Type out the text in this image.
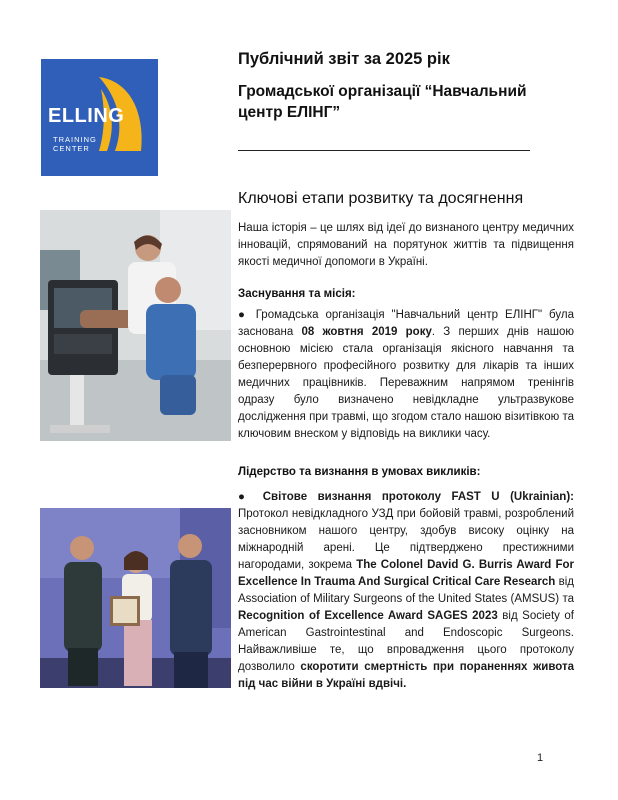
ELLING
TRAINING
CENTER
Публічний звіт за 2025 рік
Громадської організації “Навчальний центр ЕЛІНГ”
Ключові етапи розвитку та досягнення
Наша історія – це шлях від ідеї до визнаного центру медичних інновацій, спрямований на порятунок життів та підвищення якості медичної допомоги в Україні.
Заснування та місія:
● Громадська організація "Навчальний центр ЕЛІНГ" була заснована 08 жовтня 2019 року. З перших днів нашою основною місією стала організація якісного навчання та безперервного професійного розвитку для лікарів та інших медичних працівників. Переважним напрямом тренінгів одразу було визначено невідкладне ультразвукове дослідження при травмі, що згодом стало нашою візитівкою та ключовим внеском у відповідь на виклики часу.
Лідерство та визнання в умовах викликів:
● Світове визнання протоколу FAST U (Ukrainian): Протокол невідкладного УЗД при бойовій травмі, розроблений засновником нашого центру, здобув високу оцінку на міжнародній арені. Це підтверджено престижними нагородами, зокрема The Colonel David G. Burris Award For Excellence In Trauma And Surgical Critical Care Research від Association of Military Surgeons of the United States (AMSUS) та Recognition of Excellence Award SAGES 2023 від Society of American Gastrointestinal and Endoscopic Surgeons. Найважливіше те, що впровадження цього протоколу дозволило скоротити смертність при пораненнях живота під час війни в Україні вдвічі.
1
